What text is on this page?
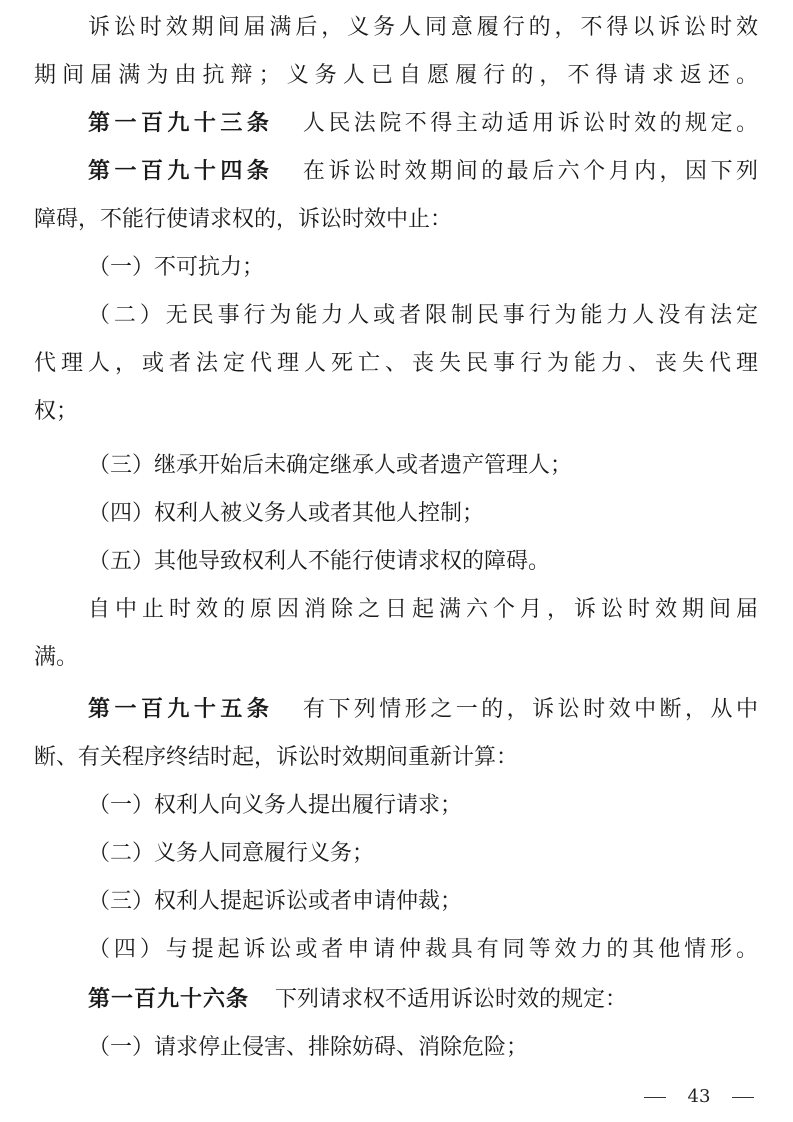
诉讼时效期间届满后，义务人同意履行的，不得以诉讼时效
期间届满为由抗辩；义务人已自愿履行的，不得请求返还。
第一百九十三条 人民法院不得主动适用诉讼时效的规定。
第一百九十四条 在诉讼时效期间的最后六个月内，因下列
障碍，不能行使请求权的，诉讼时效中止：
（一）不可抗力；
（二）无民事行为能力人或者限制民事行为能力人没有法定
代理人，或者法定代理人死亡、丧失民事行为能力、丧失代理
权；
（三）继承开始后未确定继承人或者遗产管理人；
（四）权利人被义务人或者其他人控制；
（五）其他导致权利人不能行使请求权的障碍。
自中止时效的原因消除之日起满六个月，诉讼时效期间届
满。
第一百九十五条 有下列情形之一的，诉讼时效中断，从中
断、有关程序终结时起，诉讼时效期间重新计算：
（一）权利人向义务人提出履行请求；
（二）义务人同意履行义务；
（三）权利人提起诉讼或者申请仲裁；
（四）与提起诉讼或者申请仲裁具有同等效力的其他情形。
第一百九十六条 下列请求权不适用诉讼时效的规定：
（一）请求停止侵害、排除妨碍、消除危险；
43
